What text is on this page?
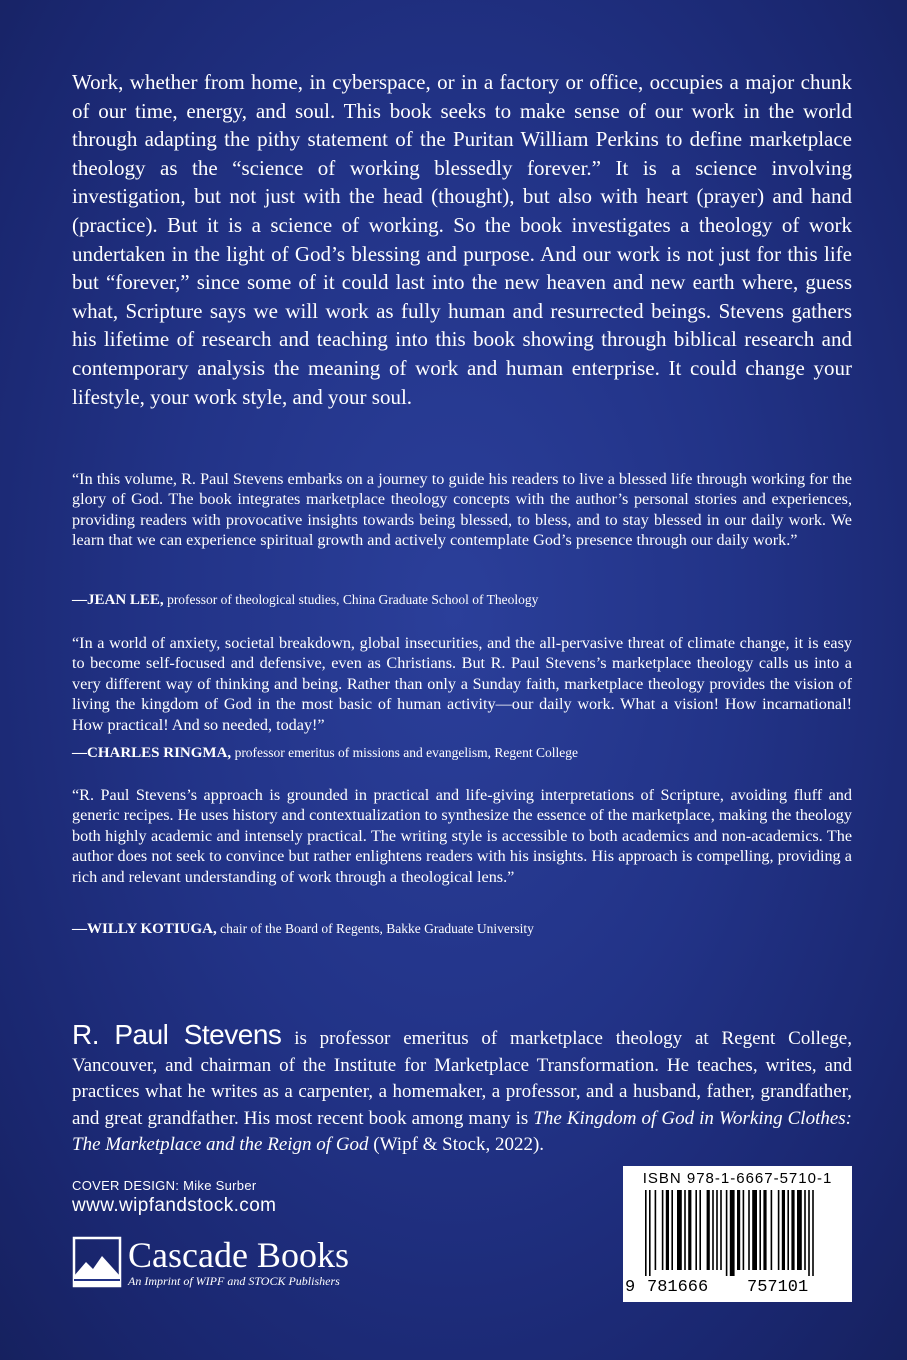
Work, whether from home, in cyberspace, or in a factory or office, occupies a major chunk of our time, energy, and soul. This book seeks to make sense of our work in the world through adapting the pithy statement of the Puritan William Perkins to define marketplace theology as the “science of working blessedly forever.” It is a science involving investigation, but not just with the head (thought), but also with heart (prayer) and hand (practice). But it is a science of working. So the book investigates a theology of work undertaken in the light of God’s blessing and purpose. And our work is not just for this life but “forever,” since some of it could last into the new heaven and new earth where, guess what, Scripture says we will work as fully human and resurrected beings. Stevens gathers his lifetime of research and teaching into this book showing through biblical research and contemporary analysis the meaning of work and human enterprise. It could change your lifestyle, your work style, and your soul.

“In this volume, R. Paul Stevens embarks on a journey to guide his readers to live a blessed life through working for the glory of God. The book integrates marketplace theology concepts with the author’s personal stories and experiences, providing readers with provocative insights towards being blessed, to bless, and to stay blessed in our daily work. We learn that we can experience spiritual growth and actively contemplate God’s presence through our daily work.”

—JEAN LEE, professor of theological studies, China Graduate School of Theology

“In a world of anxiety, societal breakdown, global insecurities, and the all-pervasive threat of climate change, it is easy to become self-focused and defensive, even as Christians. But R. Paul Stevens’s marketplace theology calls us into a very different way of thinking and being. Rather than only a Sunday faith, marketplace theology provides the vision of living the kingdom of God in the most basic of human activity—our daily work. What a vision! How incarnational! How practical! And so needed, today!”

—CHARLES RINGMA, professor emeritus of missions and evangelism, Regent College

“R. Paul Stevens’s approach is grounded in practical and life-giving interpretations of Scripture, avoiding fluff and generic recipes. He uses history and contextualization to synthesize the essence of the marketplace, making the theology both highly academic and intensely practical. The writing style is accessible to both academics and non-academics. The author does not seek to convince but rather enlightens readers with his insights. His approach is compelling, providing a rich and relevant understanding of work through a theological lens.”

—WILLY KOTIUGA, chair of the Board of Regents, Bakke Graduate University

R. Paul Stevens is professor emeritus of marketplace theology at Regent College, Vancouver, and chairman of the Institute for Marketplace Transformation. He teaches, writes, and practices what he writes as a carpenter, a homemaker, a professor, and a husband, father, grandfather, and great grandfather. His most recent book among many is The Kingdom of God in Working Clothes: The Marketplace and the Reign of God (Wipf & Stock, 2022).

COVER DESIGN: Mike Surber
www.wipfandstock.com
Cascade Books
An Imprint of WIPF and STOCK Publishers
ISBN 978-1-6667-5710-1
9 781666 757101
